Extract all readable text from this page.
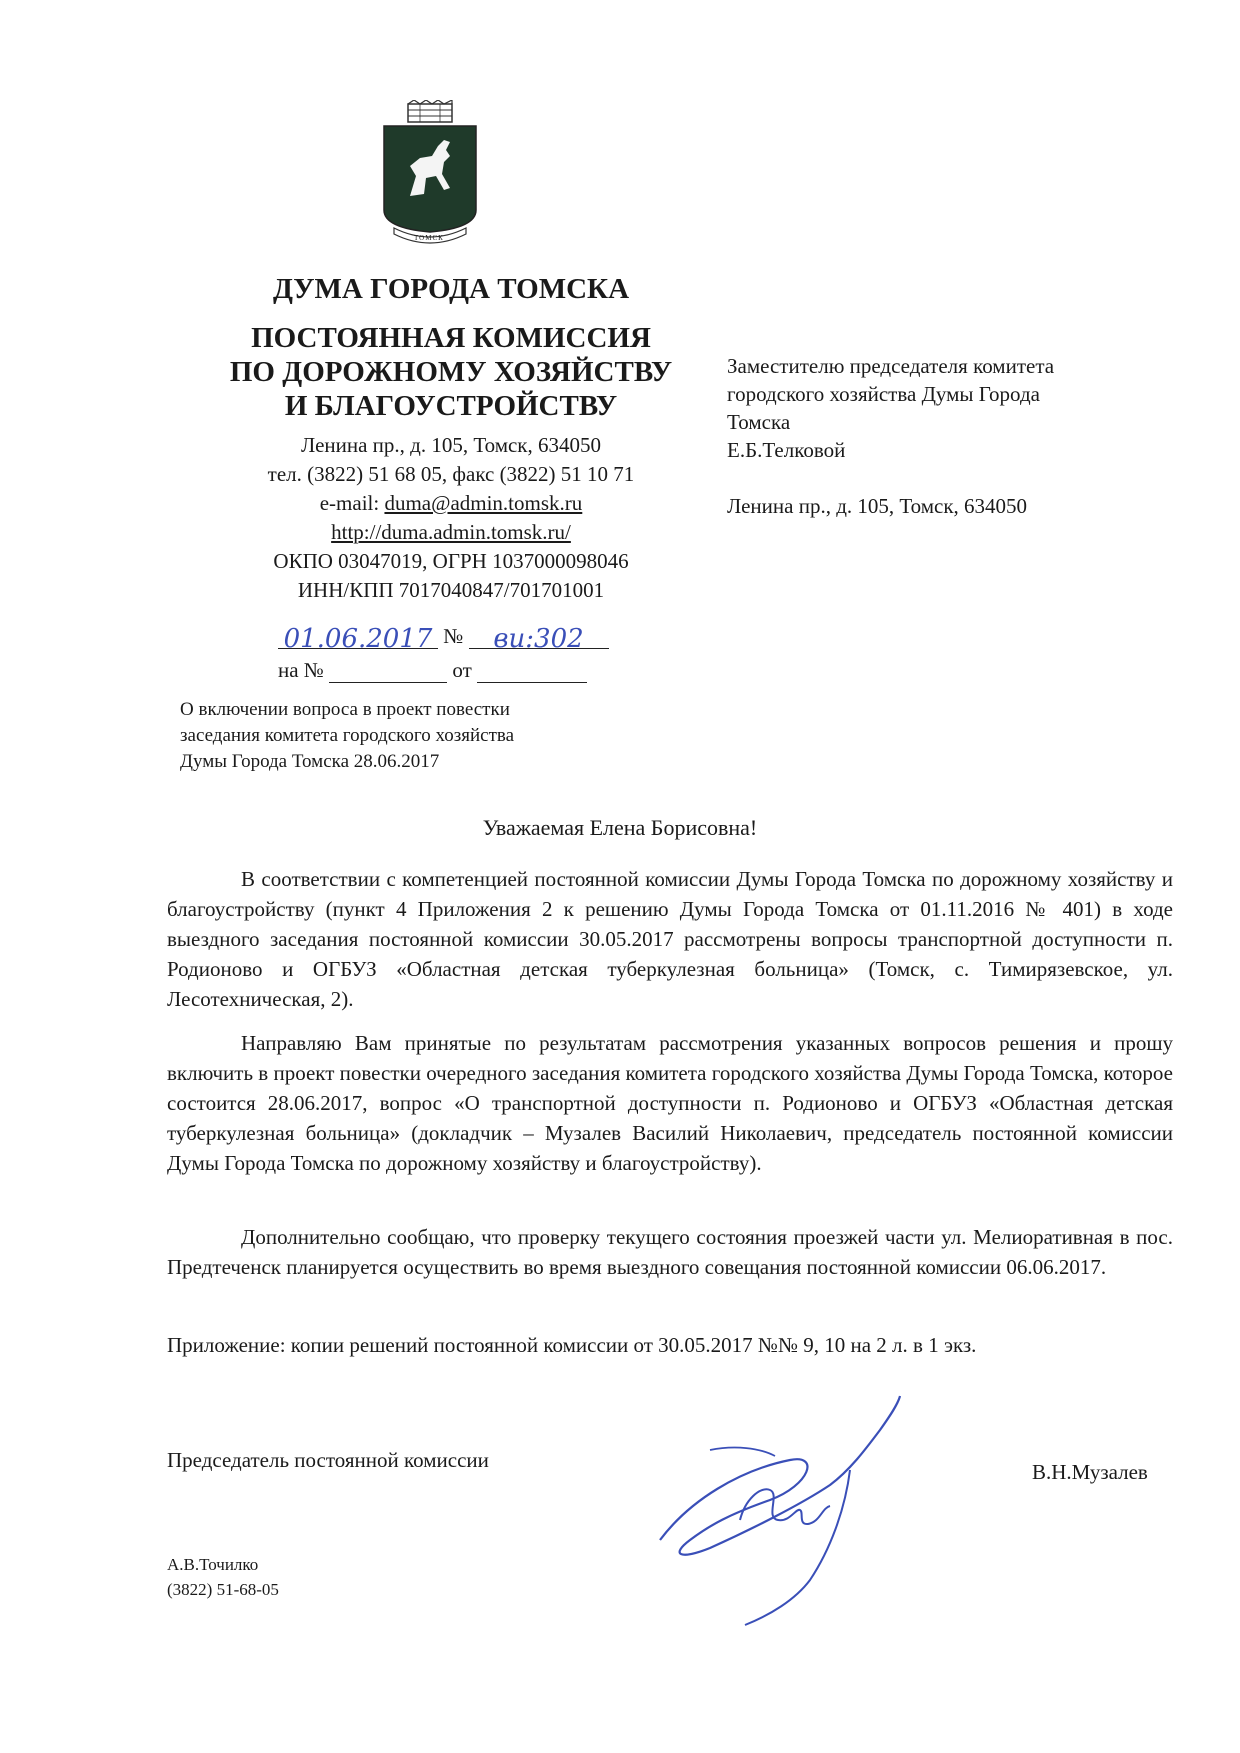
ТОМСК
ДУМА ГОРОДА ТОМСКА
ПОСТОЯННАЯ КОМИССИЯ
ПО ДОРОЖНОМУ ХОЗЯЙСТВУ
И БЛАГОУСТРОЙСТВУ
Ленина пр., д. 105, Томск, 634050
тел. (3822) 51 68 05, факс (3822) 51 10 71
e-mail: duma@admin.tomsk.ru
http://duma.admin.tomsk.ru/
ОКПО 03047019, ОГРН 1037000098046
ИНН/КПП 7017040847/701701001
01.06.2017 № ви:302
на №	от
Заместителю председателя комитета
городского хозяйства Думы Города
Томска
Е.Б.Телковой
Ленина пр., д. 105, Томск, 634050
О включении вопроса в проект повестки
заседания комитета городского хозяйства
Думы Города Томска 28.06.2017
Уважаемая Елена Борисовна!
В соответствии с компетенцией постоянной комиссии Думы Города Томска по дорожному хозяйству и благоустройству (пункт 4 Приложения 2 к решению Думы Города Томска от 01.11.2016 № 401) в ходе выездного заседания постоянной комиссии 30.05.2017 рассмотрены вопросы транспортной доступности п. Родионово и ОГБУЗ «Областная детская туберкулезная больница» (Томск, с. Тимирязевское, ул. Лесотехническая, 2).
Направляю Вам принятые по результатам рассмотрения указанных вопросов решения и прошу включить в проект повестки очередного заседания комитета городского хозяйства Думы Города Томска, которое состоится 28.06.2017, вопрос «О транспортной доступности п. Родионово и ОГБУЗ «Областная детская туберкулезная больница» (докладчик – Музалев Василий Николаевич, председатель постоянной комиссии Думы Города Томска по дорожному хозяйству и благоустройству).
Дополнительно сообщаю, что проверку текущего состояния проезжей части ул. Мелиоративная в пос. Предтеченск планируется осуществить во время выездного совещания постоянной комиссии 06.06.2017.
Приложение: копии решений постоянной комиссии от 30.05.2017 №№ 9, 10 на 2 л. в 1 экз.
Председатель постоянной комиссии	В.Н.Музалев
А.В.Точилко
(3822) 51-68-05
